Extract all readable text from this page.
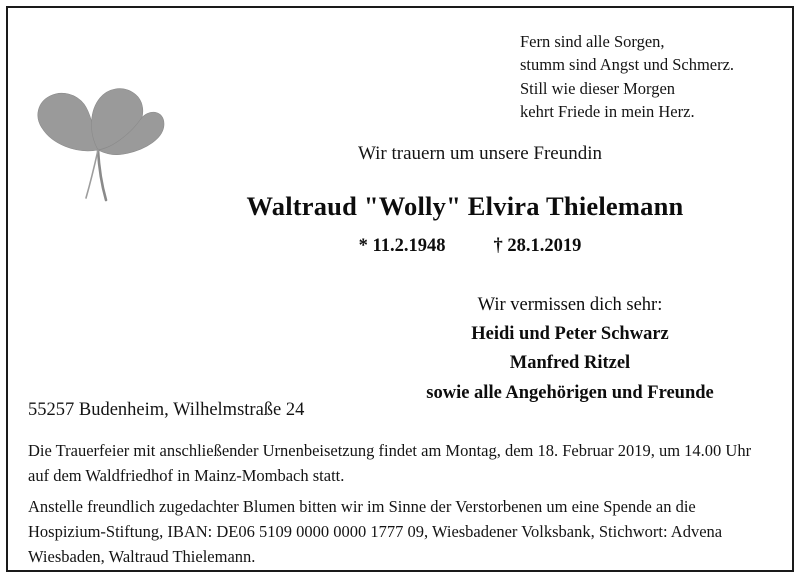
Fern sind alle Sorgen,
stumm sind Angst und Schmerz.
Still wie dieser Morgen
kehrt Friede in mein Herz.
Wir trauern um unsere Freundin
Waltraud "Wolly" Elvira Thielemann
* 11.2.1948	† 28.1.2019
Wir vermissen dich sehr:
Heidi und Peter Schwarz
Manfred Ritzel
sowie alle Angehörigen und Freunde
55257 Budenheim, Wilhelmstraße 24

Die Trauerfeier mit anschließender Urnenbeisetzung findet am Montag, dem 18. Februar 2019, um 14.00 Uhr auf dem Waldfriedhof in Mainz-Mombach statt.

Anstelle freundlich zugedachter Blumen bitten wir im Sinne der Verstorbenen um eine Spende an die Hospizium-Stiftung, IBAN: DE06 5109 0000 0000 1777 09, Wiesbadener Volksbank, Stichwort: Advena Wiesbaden, Waltraud Thielemann.
